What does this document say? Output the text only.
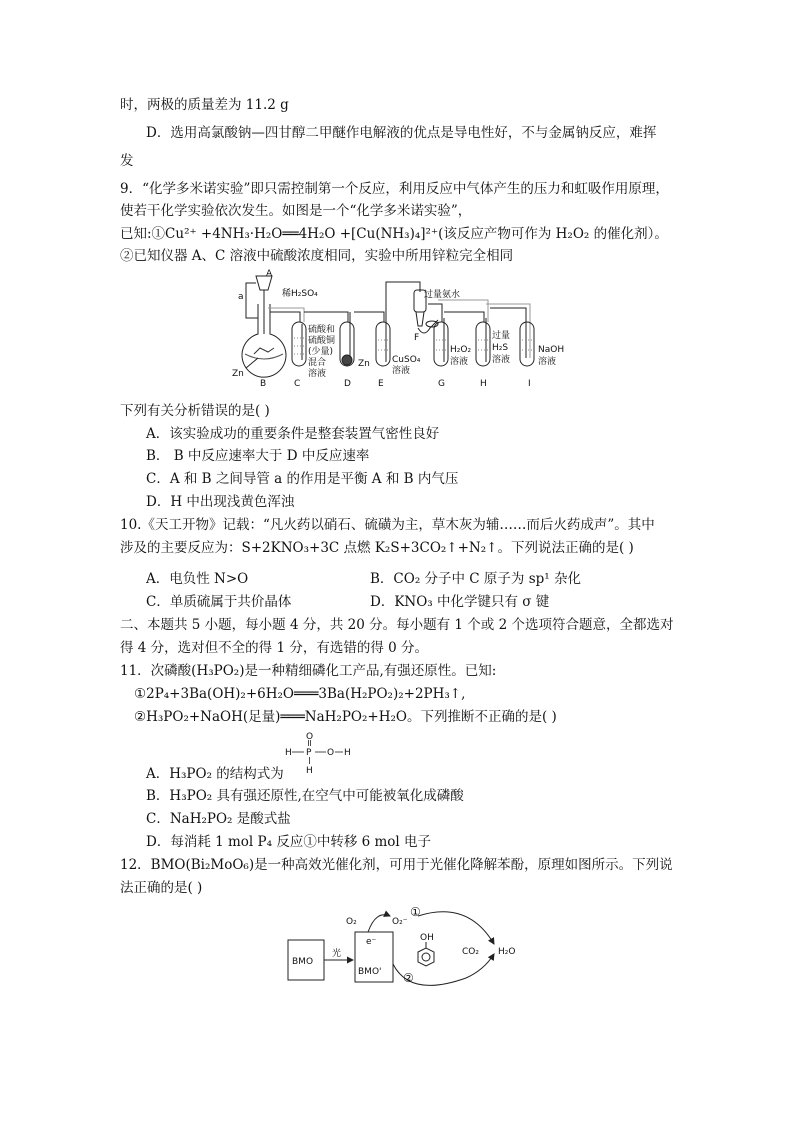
时，两极的质量差为 11.2 g
D．选用高氯酸钠—四甘醇二甲醚作电解液的优点是导电性好，不与金属钠反应，难挥
发
9．“化学多米诺实验”即只需控制第一个反应，利用反应中气体产生的压力和虹吸作用原理，
使若干化学实验依次发生。如图是一个“化学多米诺实验”，
已知:①Cu²⁺ +4NH₃·H₂O══4H₂O +[Cu(NH₃)₄]²⁺(该反应产物可作为 H₂O₂ 的催化剂）。
②已知仪器 A、C 溶液中硫酸浓度相同，实验中所用锌粒完全相同
A
a	稀H₂SO₄
Zn
B	C
硫酸和
硫酸铜
(少量)
混合
溶液
D
Zn
E
CuSO₄
溶液
过量氨水
F
G
H₂O₂
溶液
H
过量
H₂S
溶液
I
NaOH
溶液
下列有关分析错误的是( )
A．该实验成功的重要条件是整套装置气密性良好
B． B 中反应速率大于 D 中反应速率
C．A 和 B 之间导管 a 的作用是平衡 A 和 B 内气压
D．H 中出现浅黄色浑浊
10.《天工开物》记载：“凡火药以硝石、硫磺为主，草木灰为辅……而后火药成声”。其中
涉及的主要反应为：S+2KNO₃+3C 点燃 K₂S+3CO₂↑+N₂↑。下列说法正确的是( )
A．电负性 N>O	B．CO₂ 分子中 C 原子为 sp¹ 杂化
C．单质硫属于共价晶体	D．KNO₃ 中化学键只有 σ 键
二、本题共 5 小题，每小题 4 分，共 20 分。每小题有 1 个或 2 个选项符合题意，全都选对
得 4 分，选对但不全的得 1 分，有选错的得 0 分。
11．次磷酸(H₃PO₂)是一种精细磷化工产品,有强还原性。已知:
①2P₄+3Ba(OH)₂+6H₂O═══3Ba(H₂PO₂)₂+2PH₃↑,
②H₃PO₂+NaOH(足量)═══NaH₂PO₂+H₂O。下列推断不正确的是( )
O
H P O H
H
A．H₃PO₂ 的结构式为
B．H₃PO₂ 具有强还原性,在空气中可能被氧化成磷酸
C．NaH₂PO₂ 是酸式盐
D．每消耗 1 mol P₄ 反应①中转移 6 mol 电子
12．BMO(Bi₂MoO₆)是一种高效光催化剂，可用于光催化降解苯酚，原理如图所示。下列说
法正确的是( )
BMO
光
BMO'
e⁻
O₂	O₂⁻
①
②
OH
CO₂ H₂O
